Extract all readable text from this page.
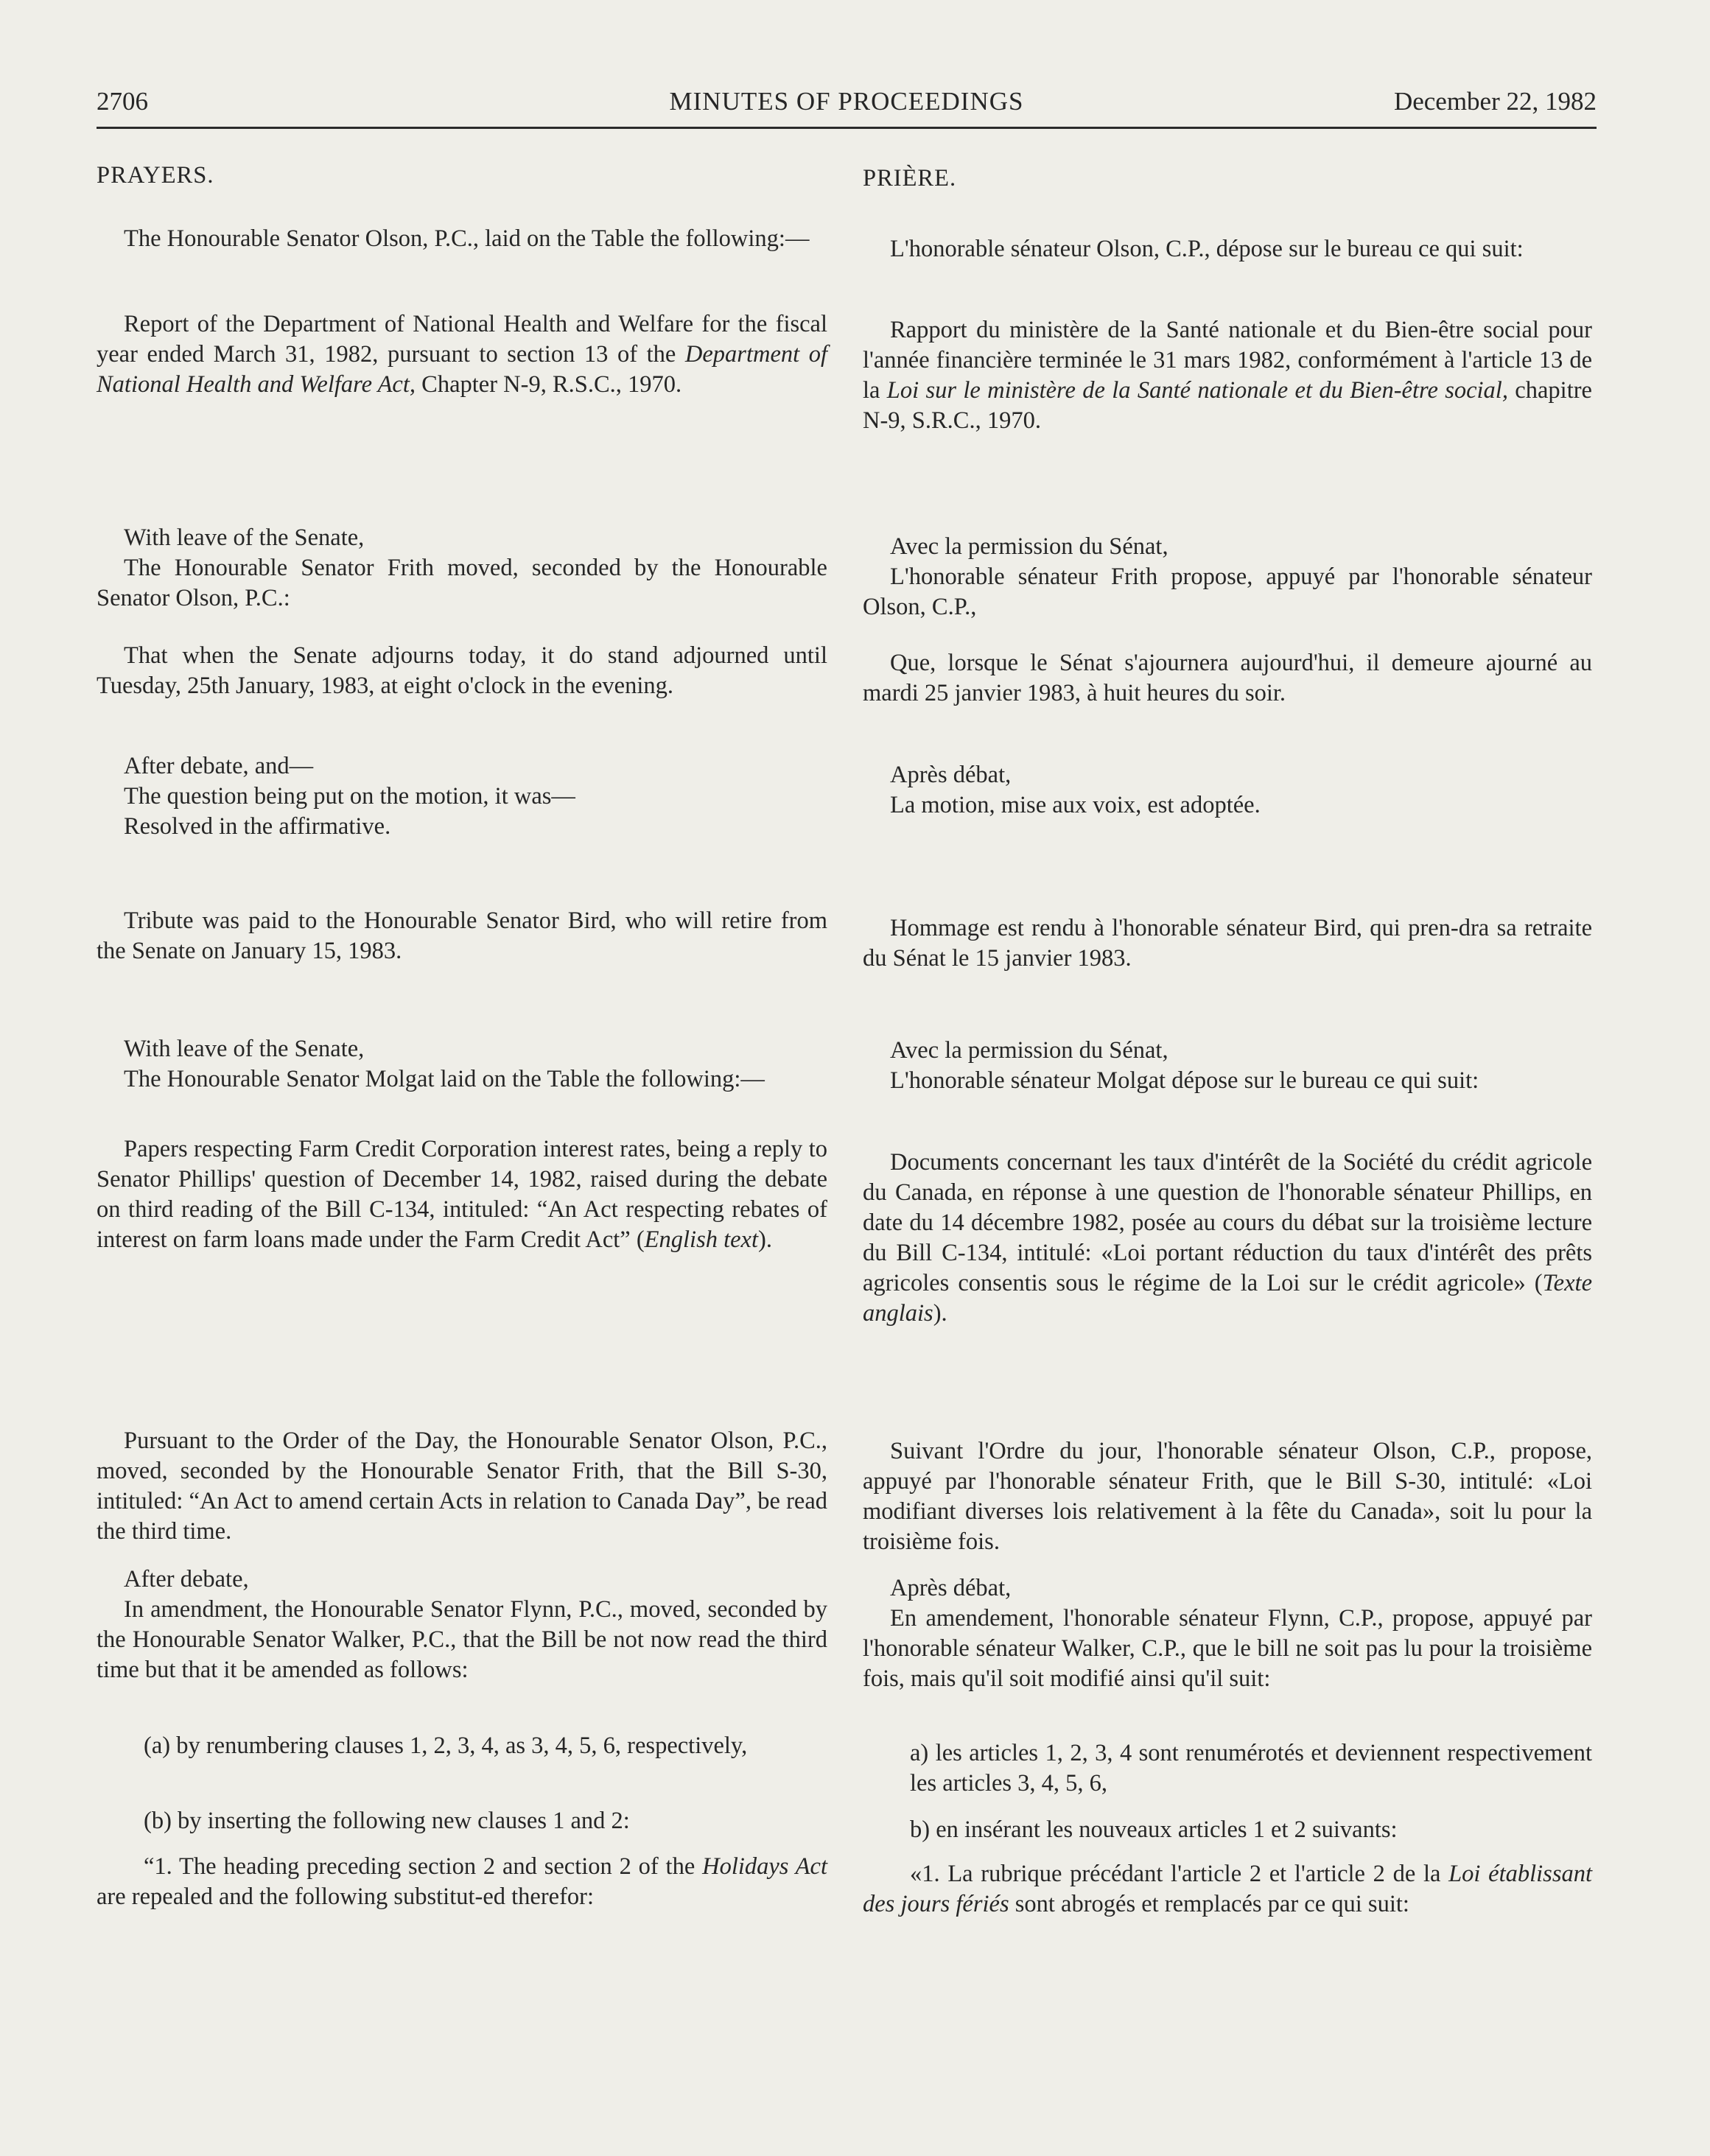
2706	MINUTES OF PROCEEDINGS	December 22, 1982

PRAYERS.

The Honourable Senator Olson, P.C., laid on the Table the following:—

Report of the Department of National Health and Welfare for the fiscal year ended March 31, 1982, pursuant to section 13 of the Department of National Health and Welfare Act, Chapter N-9, R.S.C., 1970.

With leave of the Senate,
The Honourable Senator Frith moved, seconded by the Honourable Senator Olson, P.C.:

That when the Senate adjourns today, it do stand adjourned until Tuesday, 25th January, 1983, at eight o'clock in the evening.

After debate, and—
The question being put on the motion, it was—
Resolved in the affirmative.

Tribute was paid to the Honourable Senator Bird, who will retire from the Senate on January 15, 1983.

With leave of the Senate,
The Honourable Senator Molgat laid on the Table the following:—

Papers respecting Farm Credit Corporation interest rates, being a reply to Senator Phillips' question of December 14, 1982, raised during the debate on third reading of the Bill C-134, intituled: “An Act respecting rebates of interest on farm loans made under the Farm Credit Act” (English text).

Pursuant to the Order of the Day, the Honourable Senator Olson, P.C., moved, seconded by the Honourable Senator Frith, that the Bill S-30, intituled: “An Act to amend certain Acts in relation to Canada Day”, be read the third time.

After debate,
In amendment, the Honourable Senator Flynn, P.C., moved, seconded by the Honourable Senator Walker, P.C., that the Bill be not now read the third time but that it be amended as follows:

(a) by renumbering clauses 1, 2, 3, 4, as 3, 4, 5, 6, respectively,

(b) by inserting the following new clauses 1 and 2:

“1. The heading preceding section 2 and section 2 of the Holidays Act are repealed and the following substitut-ed therefor:

PRIÈRE.

L'honorable sénateur Olson, C.P., dépose sur le bureau ce qui suit:

Rapport du ministère de la Santé nationale et du Bien-être social pour l'année financière terminée le 31 mars 1982, conformément à l'article 13 de la Loi sur le ministère de la Santé nationale et du Bien-être social, chapitre N-9, S.R.C., 1970.

Avec la permission du Sénat,
L'honorable sénateur Frith propose, appuyé par l'honorable sénateur Olson, C.P.,

Que, lorsque le Sénat s'ajournera aujourd'hui, il demeure ajourné au mardi 25 janvier 1983, à huit heures du soir.

Après débat,
La motion, mise aux voix, est adoptée.

Hommage est rendu à l'honorable sénateur Bird, qui pren-dra sa retraite du Sénat le 15 janvier 1983.

Avec la permission du Sénat,
L'honorable sénateur Molgat dépose sur le bureau ce qui suit:

Documents concernant les taux d'intérêt de la Société du crédit agricole du Canada, en réponse à une question de l'honorable sénateur Phillips, en date du 14 décembre 1982, posée au cours du débat sur la troisième lecture du Bill C-134, intitulé: «Loi portant réduction du taux d'intérêt des prêts agricoles consentis sous le régime de la Loi sur le crédit agricole» (Texte anglais).

Suivant l'Ordre du jour, l'honorable sénateur Olson, C.P., propose, appuyé par l'honorable sénateur Frith, que le Bill S-30, intitulé: «Loi modifiant diverses lois relativement à la fête du Canada», soit lu pour la troisième fois.

Après débat,
En amendement, l'honorable sénateur Flynn, C.P., propose, appuyé par l'honorable sénateur Walker, C.P., que le bill ne soit pas lu pour la troisième fois, mais qu'il soit modifié ainsi qu'il suit:

a) les articles 1, 2, 3, 4 sont renumérotés et deviennent respectivement les articles 3, 4, 5, 6,

b) en insérant les nouveaux articles 1 et 2 suivants:

«1. La rubrique précédant l'article 2 et l'article 2 de la Loi établissant des jours fériés sont abrogés et remplacés par ce qui suit:
